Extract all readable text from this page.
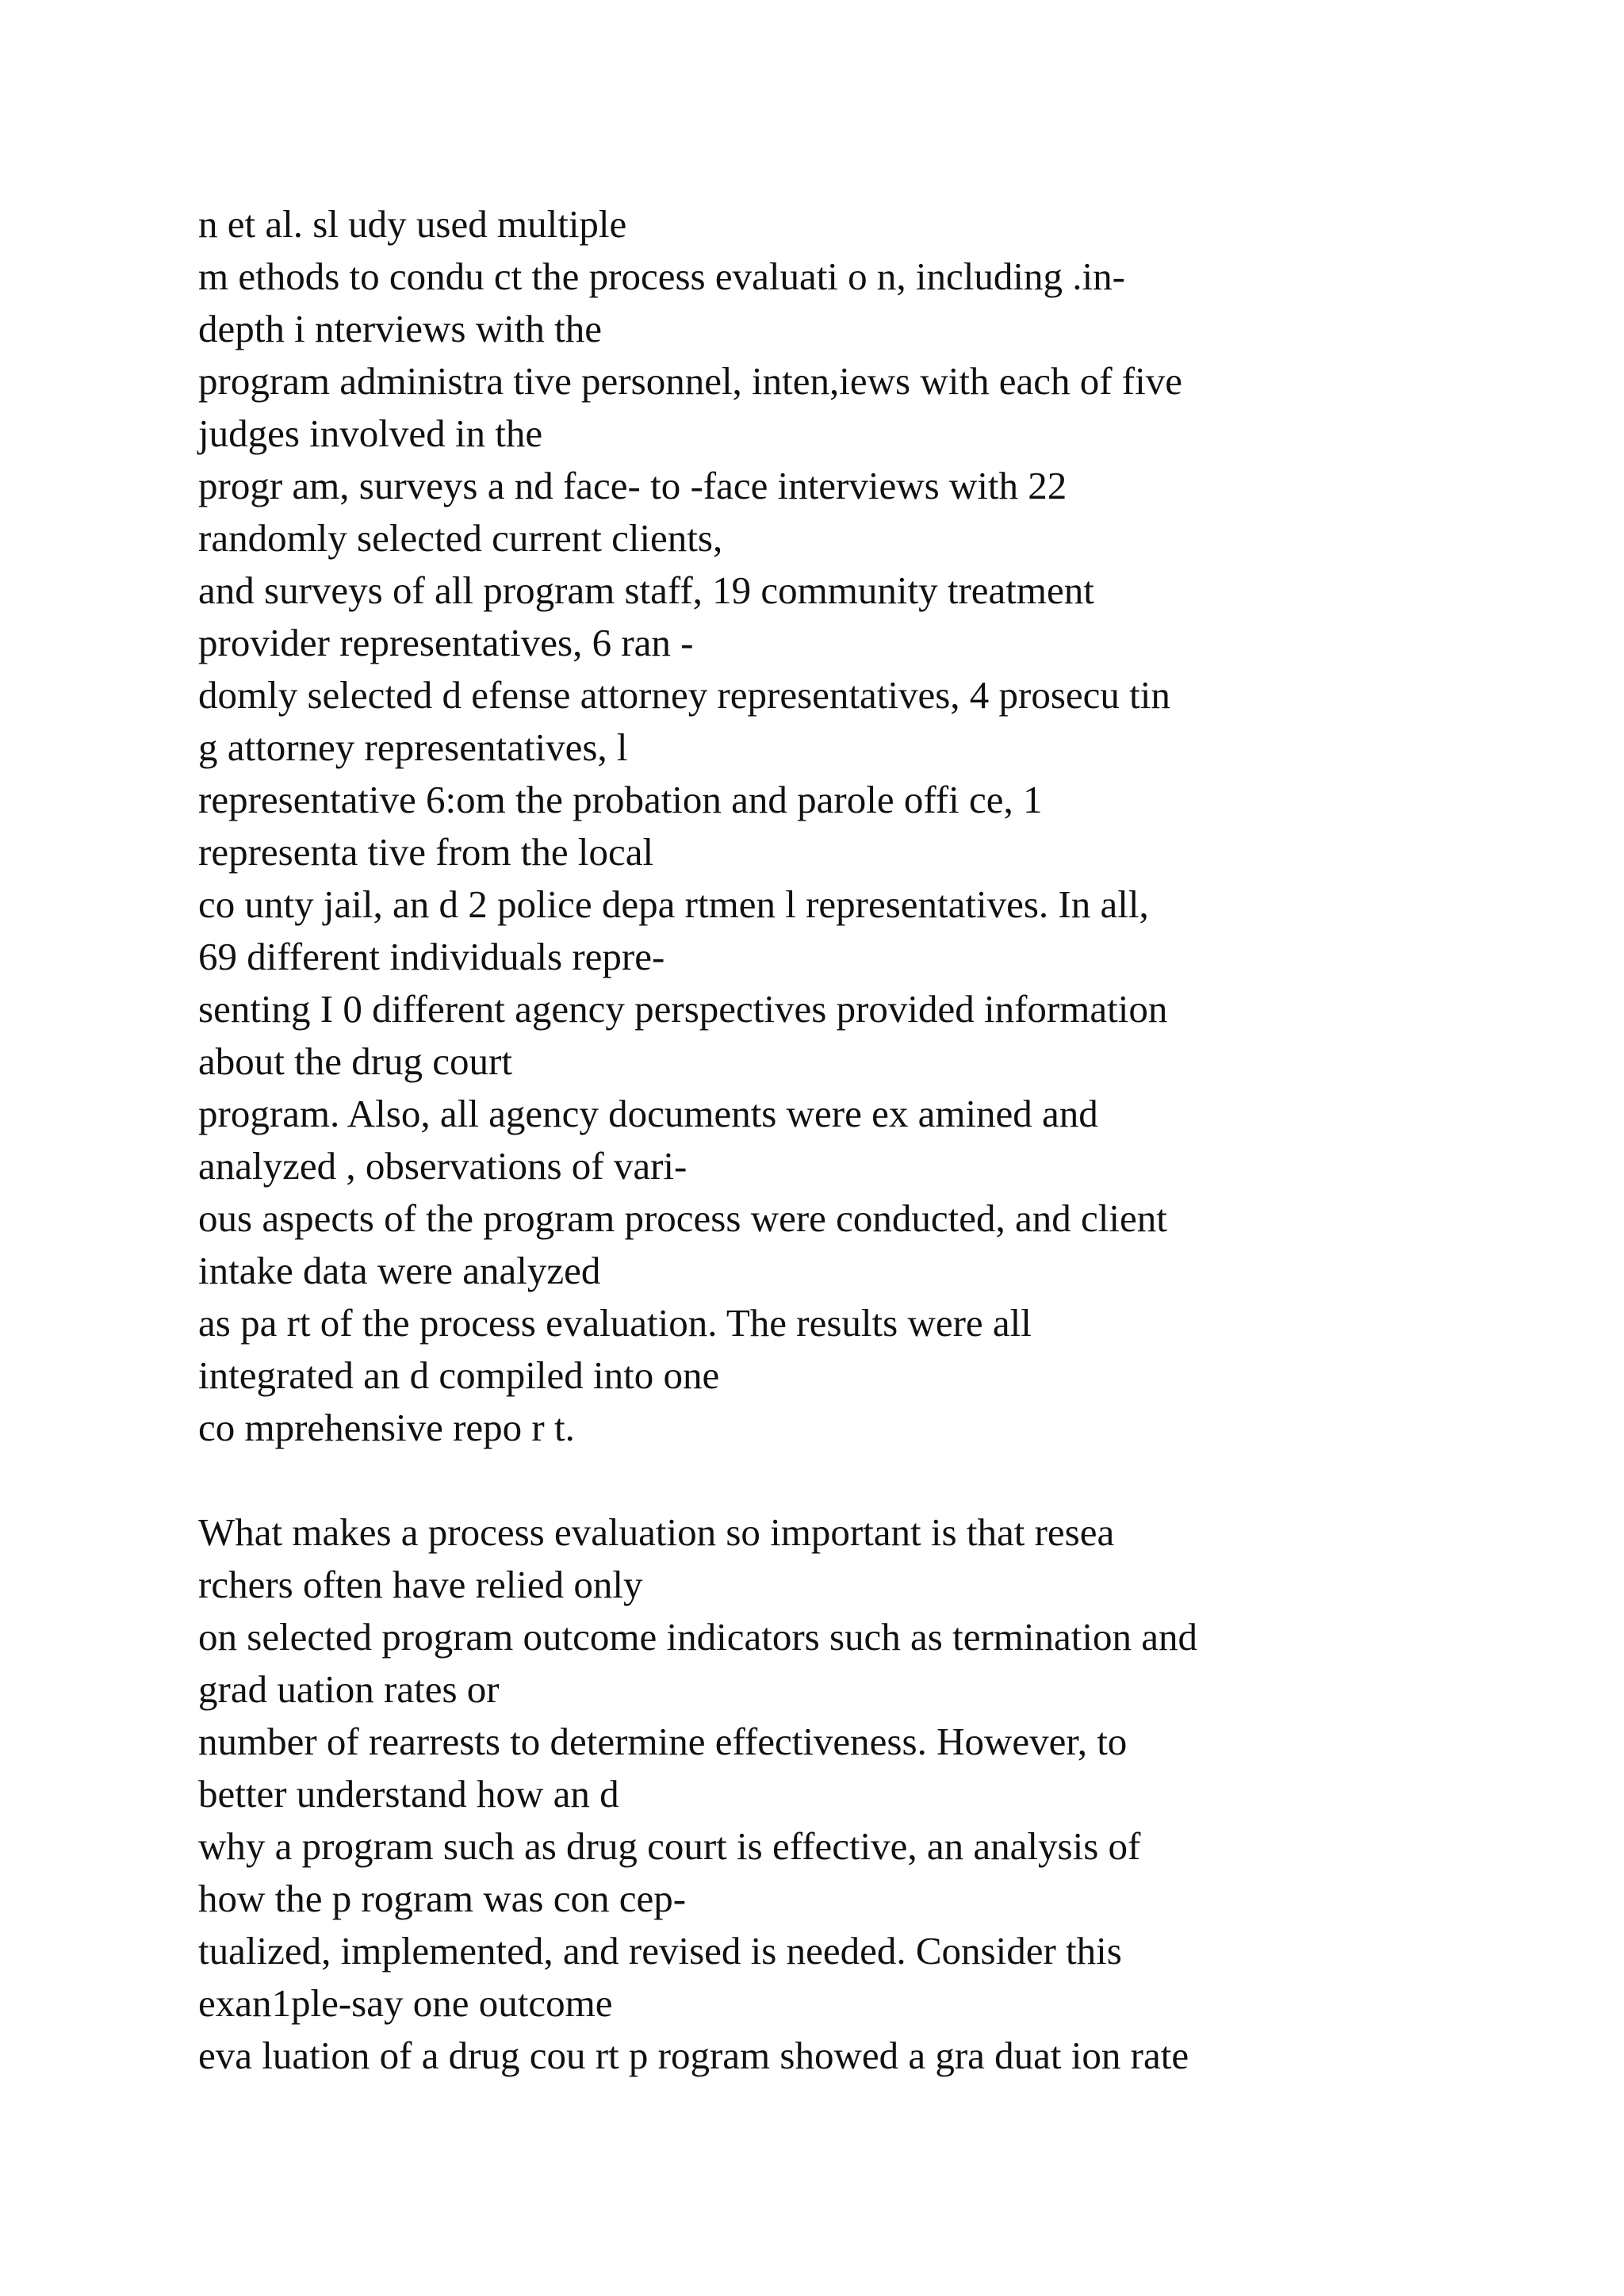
n et al. sl udy used multiple
m ethods to condu ct the process evaluati o n, including .in-
depth i nterviews with the
program administra tive personnel, inten,iews with each of five
judges involved in the
progr am, surveys a nd face- to -face interviews with 22
randomly selected current clients,
and surveys of all program staff, 19 community treatment
provider representatives, 6 ran -
domly selected d efense attorney representatives, 4 prosecu tin
g attorney representatives, l
representative 6:om the probation and parole offi ce, 1
representa tive from the local
co unty jail, an d 2 police depa rtmen l representatives. In all,
69 different individuals repre-
senting I 0 different agency perspectives provided information
about the drug court
program. Also, all agency documents were ex amined and
analyzed , observations of vari-
ous aspects of the program process were conducted, and client
intake data were analyzed
as pa rt of the process evaluation. The results were all
integrated an d compiled into one
co mprehensive repo r t.
What makes a process evaluation so important is that resea
rchers often have relied only
on selected program outcome indicators such as termination and
grad uation rates or
number of rearrests to determine effectiveness. However, to
better understand how an d
why a program such as drug court is effective, an analysis of
how the p rogram was con cep-
tualized, implemented, and revised is needed. Consider this
exan1ple-say one outcome
eva luation of a drug cou rt p rogram showed a gra duat ion rate
